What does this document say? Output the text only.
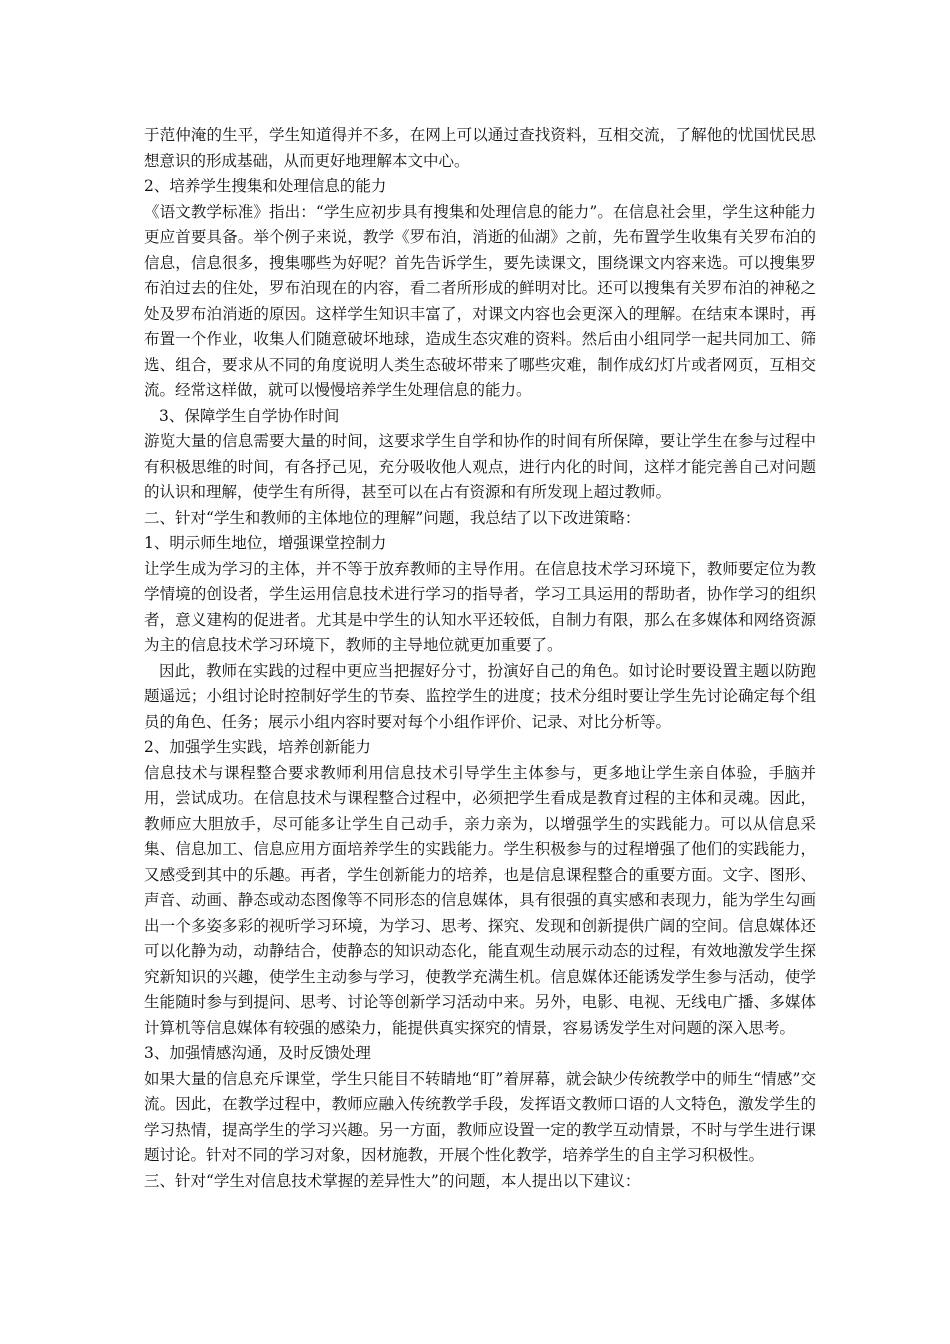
于范仲淹的生平，学生知道得并不多，在网上可以通过查找资料，互相交流，了解他的忧国忧民思想意识的形成基础，从而更好地理解本文中心。

2、培养学生搜集和处理信息的能力

《语文教学标准》指出：“学生应初步具有搜集和处理信息的能力”。在信息社会里，学生这种能力更应首要具备。举个例子来说，教学《罗布泊，消逝的仙湖》之前，先布置学生收集有关罗布泊的信息，信息很多，搜集哪些为好呢？首先告诉学生，要先读课文，围绕课文内容来选。可以搜集罗布泊过去的住处，罗布泊现在的内容，看二者所形成的鲜明对比。还可以搜集有关罗布泊的神秘之处及罗布泊消逝的原因。这样学生知识丰富了，对课文内容也会更深入的理解。在结束本课时，再布置一个作业，收集人们随意破坏地球，造成生态灾难的资料。然后由小组同学一起共同加工、筛选、组合，要求从不同的角度说明人类生态破坏带来了哪些灾难，制作成幻灯片或者网页，互相交流。经常这样做，就可以慢慢培养学生处理信息的能力。

3、保障学生自学协作时间

游览大量的信息需要大量的时间，这要求学生自学和协作的时间有所保障，要让学生在参与过程中有积极思维的时间，有各抒己见，充分吸收他人观点，进行内化的时间，这样才能完善自己对问题的认识和理解，使学生有所得，甚至可以在占有资源和有所发现上超过教师。

二、针对“学生和教师的主体地位的理解”问题，我总结了以下改进策略：

1、明示师生地位，增强课堂控制力

让学生成为学习的主体，并不等于放弃教师的主导作用。在信息技术学习环境下，教师要定位为教学情境的创设者，学生运用信息技术进行学习的指导者，学习工具运用的帮助者，协作学习的组织者，意义建构的促进者。尤其是中学生的认知水平还较低，自制力有限，那么在多媒体和网络资源为主的信息技术学习环境下，教师的主导地位就更加重要了。

因此，教师在实践的过程中更应当把握好分寸，扮演好自己的角色。如讨论时要设置主题以防跑题遥远；小组讨论时控制好学生的节奏、监控学生的进度；技术分组时要让学生先讨论确定每个组员的角色、任务；展示小组内容时要对每个小组作评价、记录、对比分析等。

2、加强学生实践，培养创新能力

信息技术与课程整合要求教师利用信息技术引导学生主体参与，更多地让学生亲自体验，手脑并用，尝试成功。在信息技术与课程整合过程中，必须把学生看成是教育过程的主体和灵魂。因此，教师应大胆放手，尽可能多让学生自己动手，亲力亲为，以增强学生的实践能力。可以从信息采集、信息加工、信息应用方面培养学生的实践能力。学生积极参与的过程增强了他们的实践能力，又感受到其中的乐趣。再者，学生创新能力的培养，也是信息课程整合的重要方面。文字、图形、声音、动画、静态或动态图像等不同形态的信息媒体，具有很强的真实感和表现力，能为学生勾画出一个多姿多彩的视听学习环境，为学习、思考、探究、发现和创新提供广阔的空间。信息媒体还可以化静为动，动静结合，使静态的知识动态化，能直观生动展示动态的过程，有效地激发学生探究新知识的兴趣，使学生主动参与学习，使教学充满生机。信息媒体还能诱发学生参与活动，使学生能随时参与到提问、思考、讨论等创新学习活动中来。另外，电影、电视、无线电广播、多媒体计算机等信息媒体有较强的感染力，能提供真实探究的情景，容易诱发学生对问题的深入思考。

3、加强情感沟通，及时反馈处理

如果大量的信息充斥课堂，学生只能目不转睛地“盯”着屏幕，就会缺少传统教学中的师生“情感”交流。因此，在教学过程中，教师应融入传统教学手段，发挥语文教师口语的人文特色，激发学生的学习热情，提高学生的学习兴趣。另一方面，教师应设置一定的教学互动情景，不时与学生进行课题讨论。针对不同的学习对象，因材施教，开展个性化教学，培养学生的自主学习积极性。

三、针对“学生对信息技术掌握的差异性大”的问题，本人提出以下建议：
